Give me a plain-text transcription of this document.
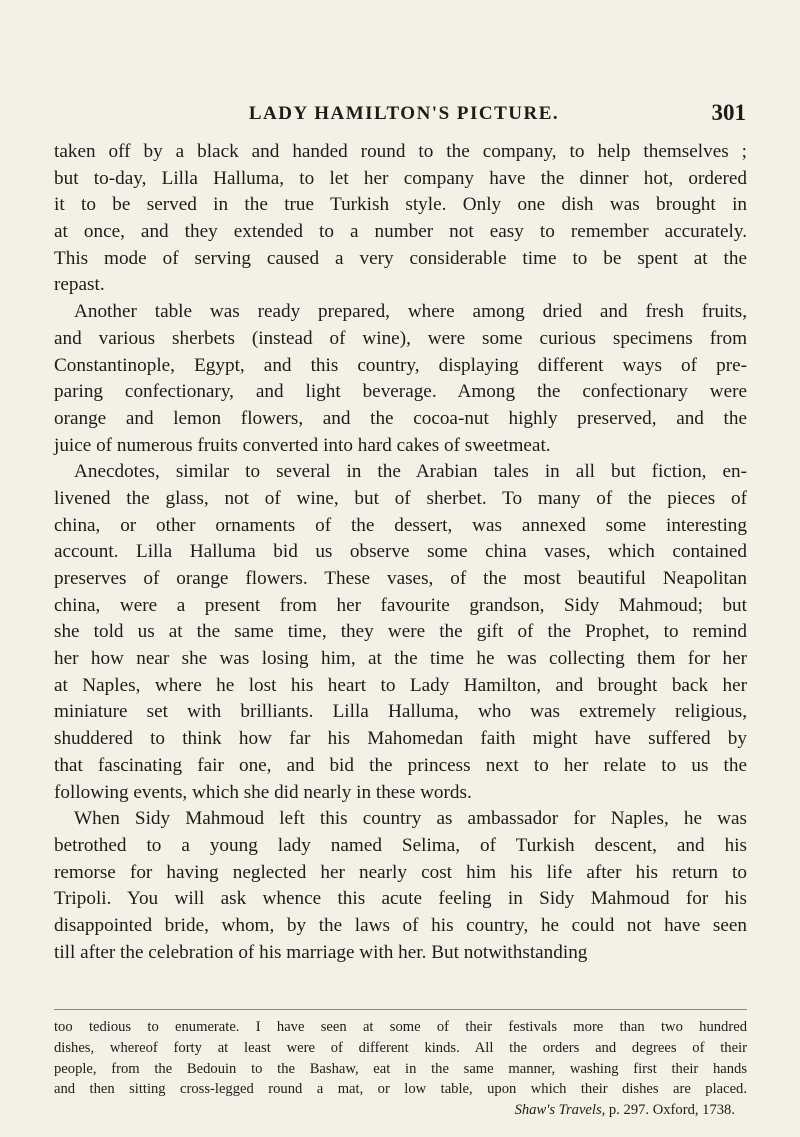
LADY HAMILTON'S PICTURE.	301
taken off by a black and handed round to the company, to help themselves ;
but to-day, Lilla Halluma, to let her company have the dinner hot, ordered
it to be served in the true Turkish style. Only one dish was brought in
at once, and they extended to a number not easy to remember accurately.
This mode of serving caused a very considerable time to be spent at the
repast.
Another table was ready prepared, where among dried and fresh fruits,
and various sherbets (instead of wine), were some curious specimens from
Constantinople, Egypt, and this country, displaying different ways of pre-
paring confectionary, and light beverage. Among the confectionary were
orange and lemon flowers, and the cocoa-nut highly preserved, and the
juice of numerous fruits converted into hard cakes of sweetmeat.
Anecdotes, similar to several in the Arabian tales in all but fiction, en-
livened the glass, not of wine, but of sherbet. To many of the pieces of
china, or other ornaments of the dessert, was annexed some interesting
account. Lilla Halluma bid us observe some china vases, which contained
preserves of orange flowers. These vases, of the most beautiful Neapolitan
china, were a present from her favourite grandson, Sidy Mahmoud; but
she told us at the same time, they were the gift of the Prophet, to remind
her how near she was losing him, at the time he was collecting them for her
at Naples, where he lost his heart to Lady Hamilton, and brought back her
miniature set with brilliants. Lilla Halluma, who was extremely religious,
shuddered to think how far his Mahomedan faith might have suffered by
that fascinating fair one, and bid the princess next to her relate to us the
following events, which she did nearly in these words.
When Sidy Mahmoud left this country as ambassador for Naples, he was
betrothed to a young lady named Selima, of Turkish descent, and his
remorse for having neglected her nearly cost him his life after his return to
Tripoli. You will ask whence this acute feeling in Sidy Mahmoud for his
disappointed bride, whom, by the laws of his country, he could not have seen
till after the celebration of his marriage with her. But notwithstanding
too tedious to enumerate. I have seen at some of their festivals more than two hundred
dishes, whereof forty at least were of different kinds. All the orders and degrees of their
people, from the Bedouin to the Bashaw, eat in the same manner, washing first their hands
and then sitting cross-legged round a mat, or low table, upon which their dishes are placed.
Shaw's Travels, p. 297. Oxford, 1738.
